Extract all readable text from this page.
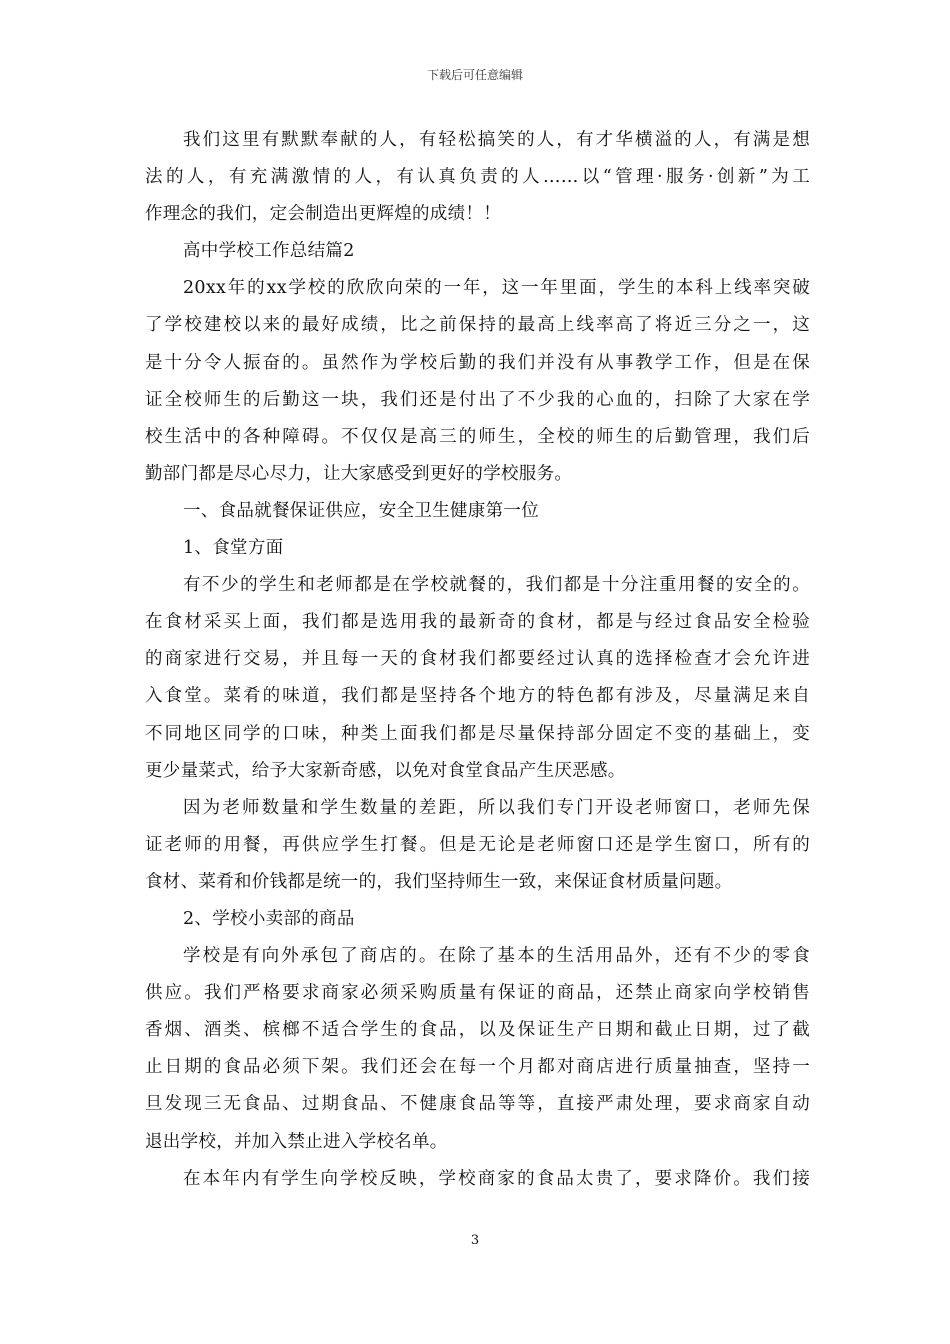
下载后可任意编辑
我们这里有默默奉献的人，有轻松搞笑的人，有才华横溢的人，有满是想
法的人，有充满激情的人，有认真负责的人……以“管理·服务·创新”为工
作理念的我们，定会制造出更辉煌的成绩！！
高中学校工作总结篇2
20xx年的xx学校的欣欣向荣的一年，这一年里面，学生的本科上线率突破
了学校建校以来的最好成绩，比之前保持的最高上线率高了将近三分之一，这
是十分令人振奋的。虽然作为学校后勤的我们并没有从事教学工作，但是在保
证全校师生的后勤这一块，我们还是付出了不少我的心血的，扫除了大家在学
校生活中的各种障碍。不仅仅是高三的师生，全校的师生的后勤管理，我们后
勤部门都是尽心尽力，让大家感受到更好的学校服务。
一、食品就餐保证供应，安全卫生健康第一位
1、食堂方面
有不少的学生和老师都是在学校就餐的，我们都是十分注重用餐的安全的。
在食材采买上面，我们都是选用我的最新奇的食材，都是与经过食品安全检验
的商家进行交易，并且每一天的食材我们都要经过认真的选择检查才会允许进
入食堂。菜肴的味道，我们都是坚持各个地方的特色都有涉及，尽量满足来自
不同地区同学的口味，种类上面我们都是尽量保持部分固定不变的基础上，变
更少量菜式，给予大家新奇感，以免对食堂食品产生厌恶感。
因为老师数量和学生数量的差距，所以我们专门开设老师窗口，老师先保
证老师的用餐，再供应学生打餐。但是无论是老师窗口还是学生窗口，所有的
食材、菜肴和价钱都是统一的，我们坚持师生一致，来保证食材质量问题。
2、学校小卖部的商品
学校是有向外承包了商店的。在除了基本的生活用品外，还有不少的零食
供应。我们严格要求商家必须采购质量有保证的商品，还禁止商家向学校销售
香烟、酒类、槟榔不适合学生的食品，以及保证生产日期和截止日期，过了截
止日期的食品必须下架。我们还会在每一个月都对商店进行质量抽查，坚持一
旦发现三无食品、过期食品、不健康食品等等，直接严肃处理，要求商家自动
退出学校，并加入禁止进入学校名单。
在本年内有学生向学校反映，学校商家的食品太贵了，要求降价。我们接
3
